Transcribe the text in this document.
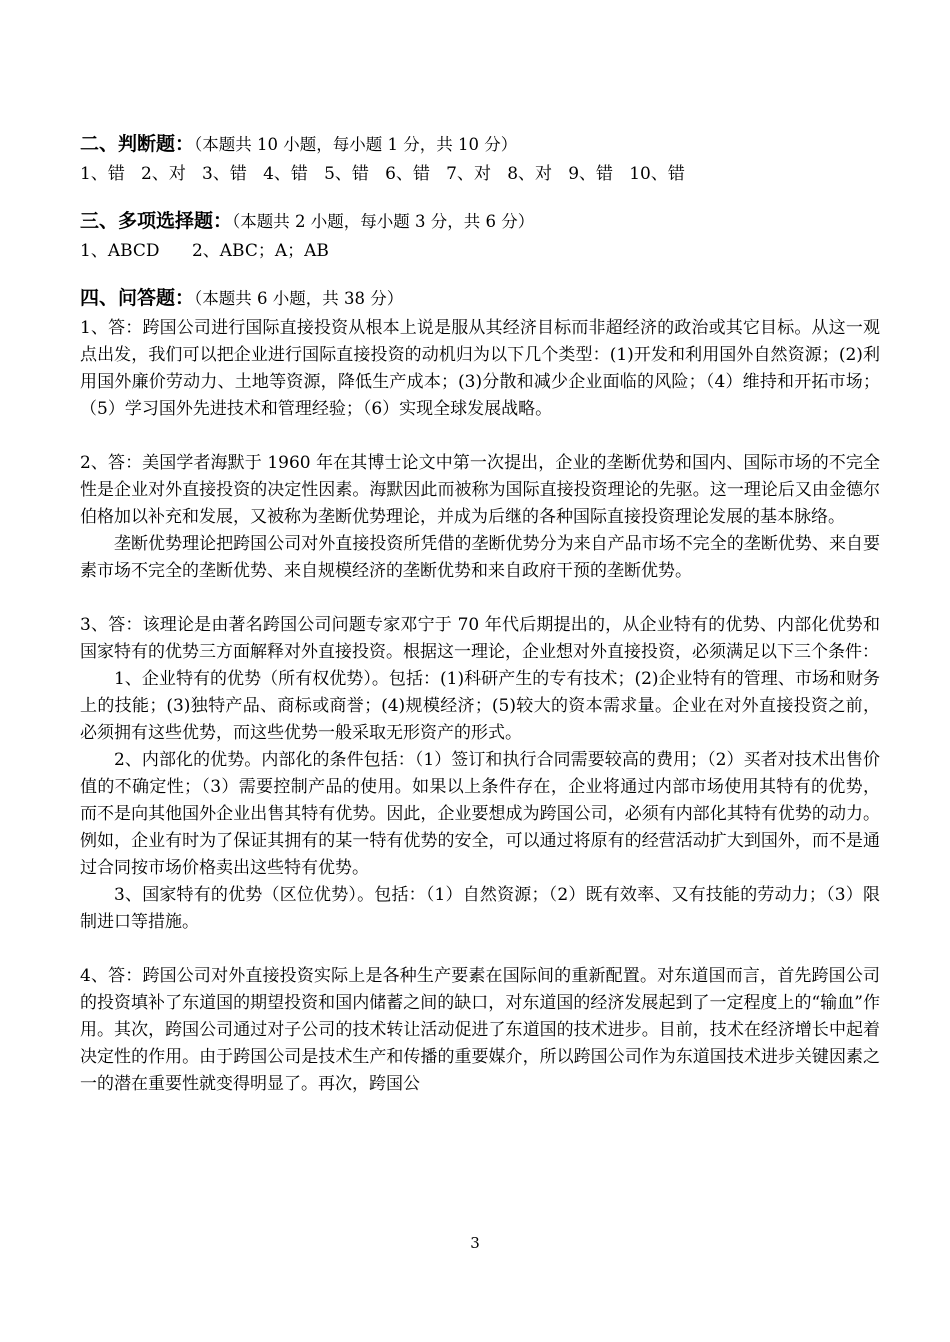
二、判断题：（本题共 10 小题，每小题 1 分，共 10 分）
1、错   2、对   3、错   4、错   5、错   6、错   7、对   8、对   9、错   10、错
三、多项选择题：（本题共 2 小题，每小题 3 分，共 6 分）
1、ABCD      2、ABC；A；AB
四、问答题：（本题共 6 小题，共 38 分）

1、答：跨国公司进行国际直接投资从根本上说是服从其经济目标而非超经济的政治或其它目标。从这一观点出发，我们可以把企业进行国际直接投资的动机归为以下几个类型：(1)开发和利用国外自然资源；(2)利用国外廉价劳动力、土地等资源，降低生产成本；(3)分散和减少企业面临的风险；（4）维持和开拓市场；（5）学习国外先进技术和管理经验；（6）实现全球发展战略。

2、答：美国学者海默于 1960 年在其博士论文中第一次提出，企业的垄断优势和国内、国际市场的不完全性是企业对外直接投资的决定性因素。海默因此而被称为国际直接投资理论的先驱。这一理论后又由金德尔伯格加以补充和发展，又被称为垄断优势理论，并成为后继的各种国际直接投资理论发展的基本脉络。

垄断优势理论把跨国公司对外直接投资所凭借的垄断优势分为来自产品市场不完全的垄断优势、来自要素市场不完全的垄断优势、来自规模经济的垄断优势和来自政府干预的垄断优势。

3、答：该理论是由著名跨国公司问题专家邓宁于 70 年代后期提出的，从企业特有的优势、内部化优势和国家特有的优势三方面解释对外直接投资。根据这一理论，企业想对外直接投资，必须满足以下三个条件：

1、企业特有的优势（所有权优势）。包括：(1)科研产生的专有技术；(2)企业特有的管理、市场和财务上的技能；(3)独特产品、商标或商誉；(4)规模经济；(5)较大的资本需求量。企业在对外直接投资之前，必须拥有这些优势，而这些优势一般采取无形资产的形式。

2、内部化的优势。内部化的条件包括：（1）签订和执行合同需要较高的费用；（2）买者对技术出售价值的不确定性；（3）需要控制产品的使用。如果以上条件存在，企业将通过内部市场使用其特有的优势，而不是向其他国外企业出售其特有优势。因此，企业要想成为跨国公司，必须有内部化其特有优势的动力。例如，企业有时为了保证其拥有的某一特有优势的安全，可以通过将原有的经营活动扩大到国外，而不是通过合同按市场价格卖出这些特有优势。

3、国家特有的优势（区位优势）。包括：（1）自然资源；（2）既有效率、又有技能的劳动力；（3）限制进口等措施。

4、答：跨国公司对外直接投资实际上是各种生产要素在国际间的重新配置。对东道国而言，首先跨国公司的投资填补了东道国的期望投资和国内储蓄之间的缺口，对东道国的经济发展起到了一定程度上的“输血”作用。其次，跨国公司通过对子公司的技术转让活动促进了东道国的技术进步。目前，技术在经济增长中起着决定性的作用。由于跨国公司是技术生产和传播的重要媒介，所以跨国公司作为东道国技术进步关键因素之一的潜在重要性就变得明显了。再次，跨国公

3
